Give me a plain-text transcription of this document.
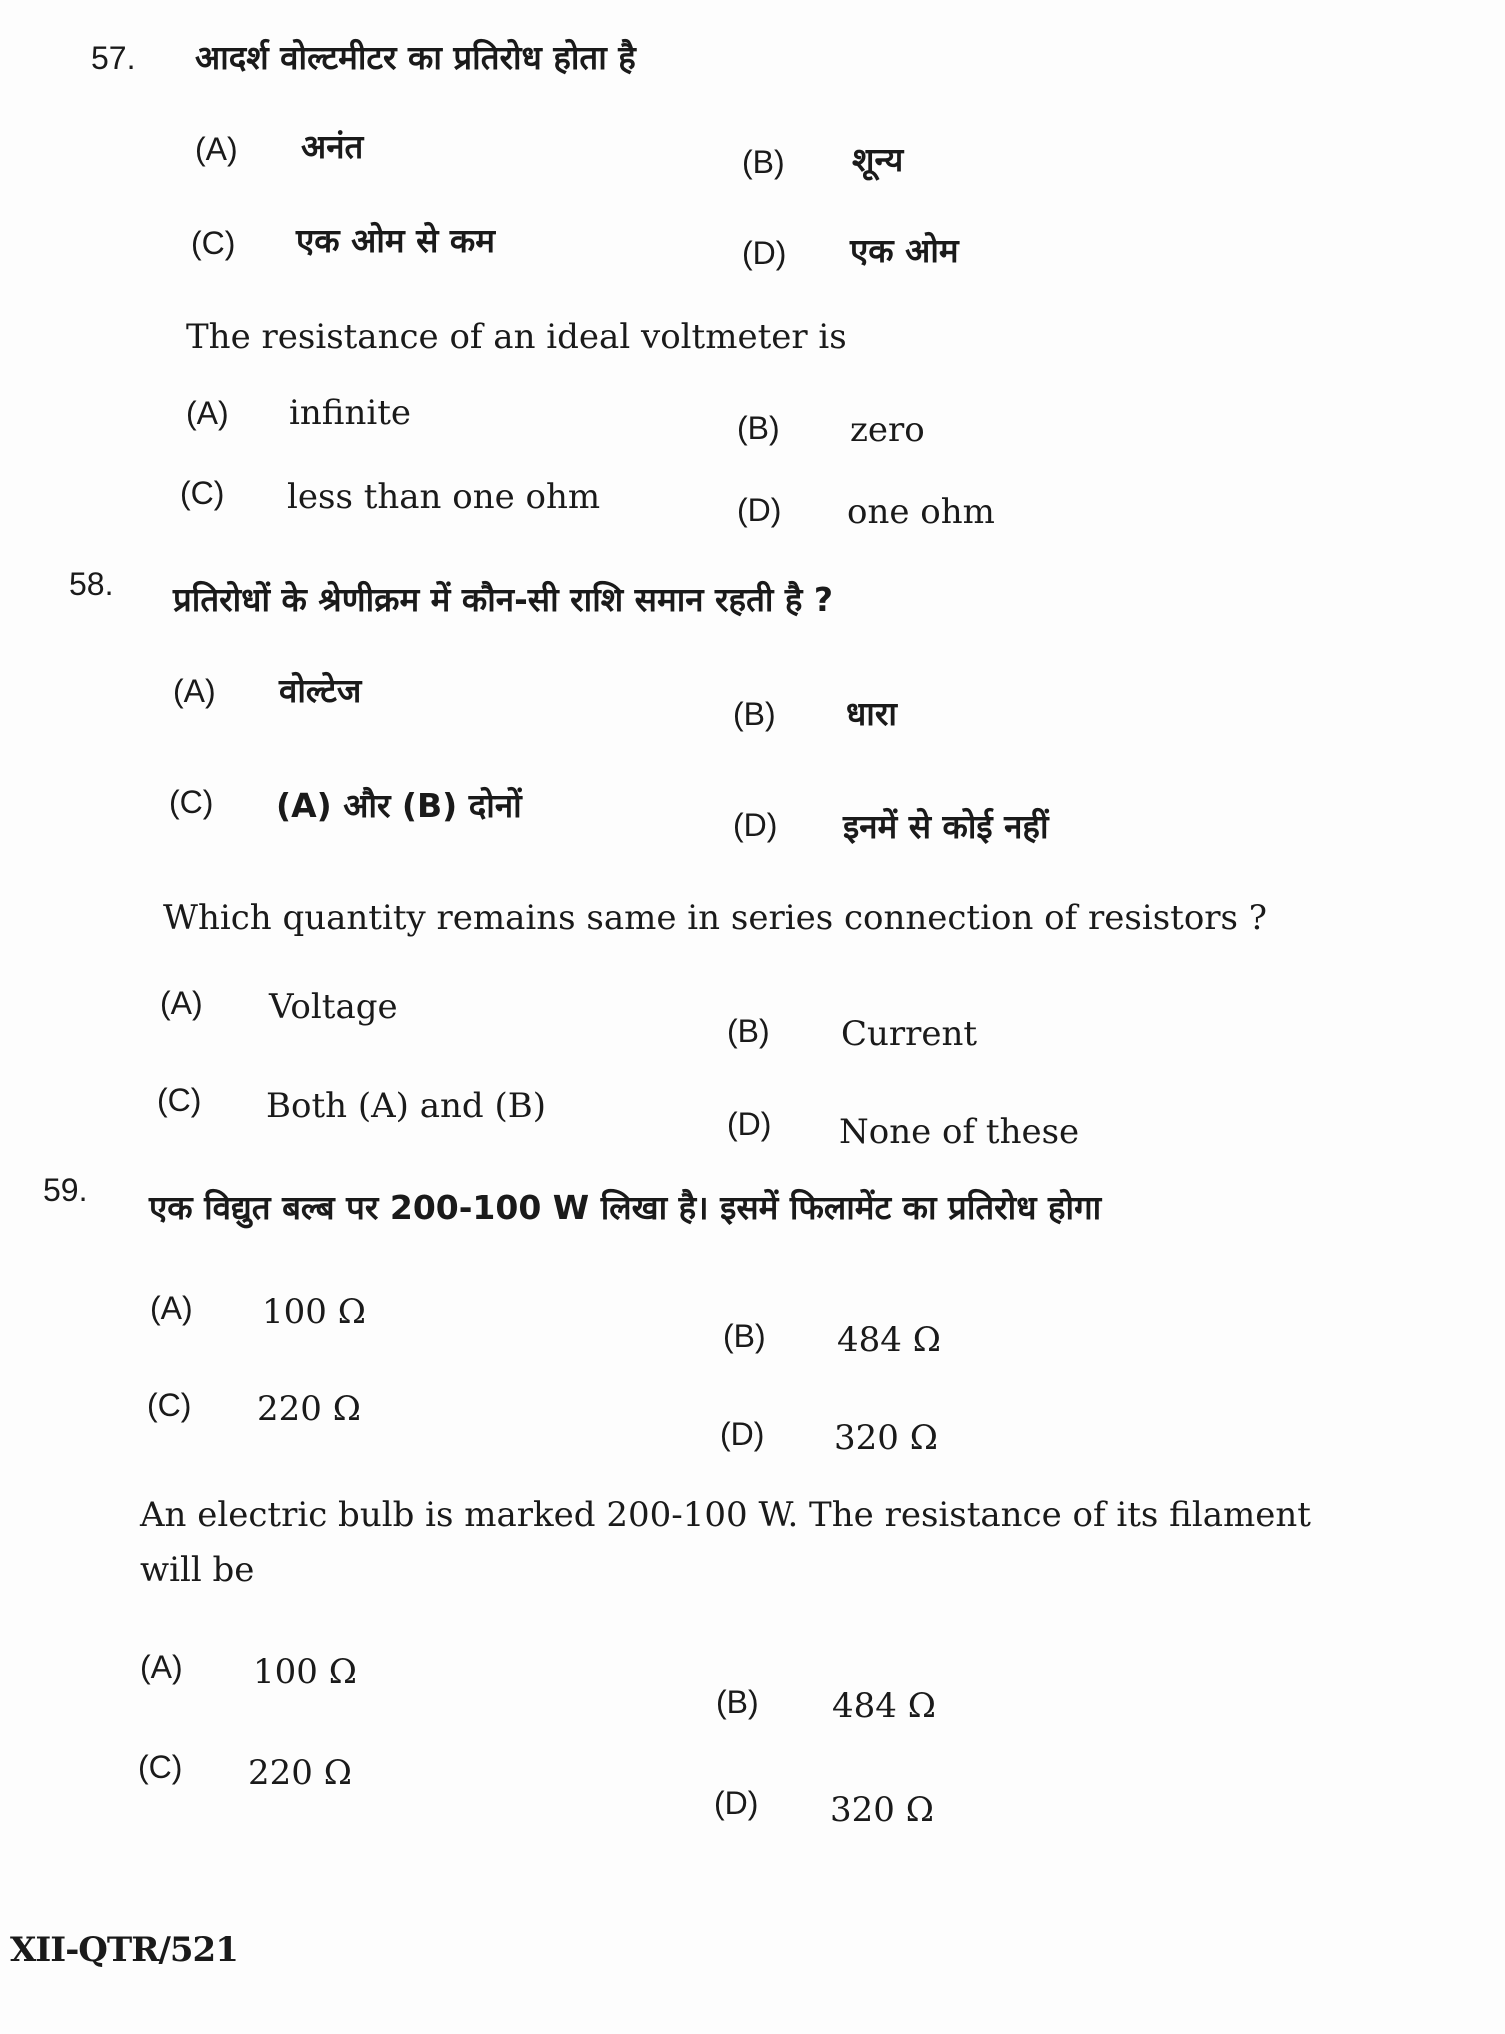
57. आदर्श वोल्टमीटर का प्रतिरोध होता है
(A) अनंत	(B) शून्य
(C) एक ओम से कम	(D) एक ओम
The resistance of an ideal voltmeter is
(A) infinite	(B) zero
(C) less than one ohm	(D) one ohm
58. प्रतिरोधों के श्रेणीक्रम में कौन-सी राशि समान रहती है ?
(A) वोल्टेज
(B) धारा
(C) (A) और (B) दोनों	(D) इनमें से कोई नहीं
Which quantity remains same in series connection of resistors ?
(A) Voltage
(B) Current
(C) Both (A) and (B)	(D) None of these
59. एक विद्युत बल्ब पर 200-100 W लिखा है। इसमें फिलामेंट का प्रतिरोध होगा
(A) 100 Ω
(B) 484 Ω
(C) 220 Ω
(D) 320 Ω
An electric bulb is marked 200-100 W. The resistance of its filament
will be
(A) 100 Ω
(B) 484 Ω
(C) 220 Ω
(D) 320 Ω
XII-QTR/521
